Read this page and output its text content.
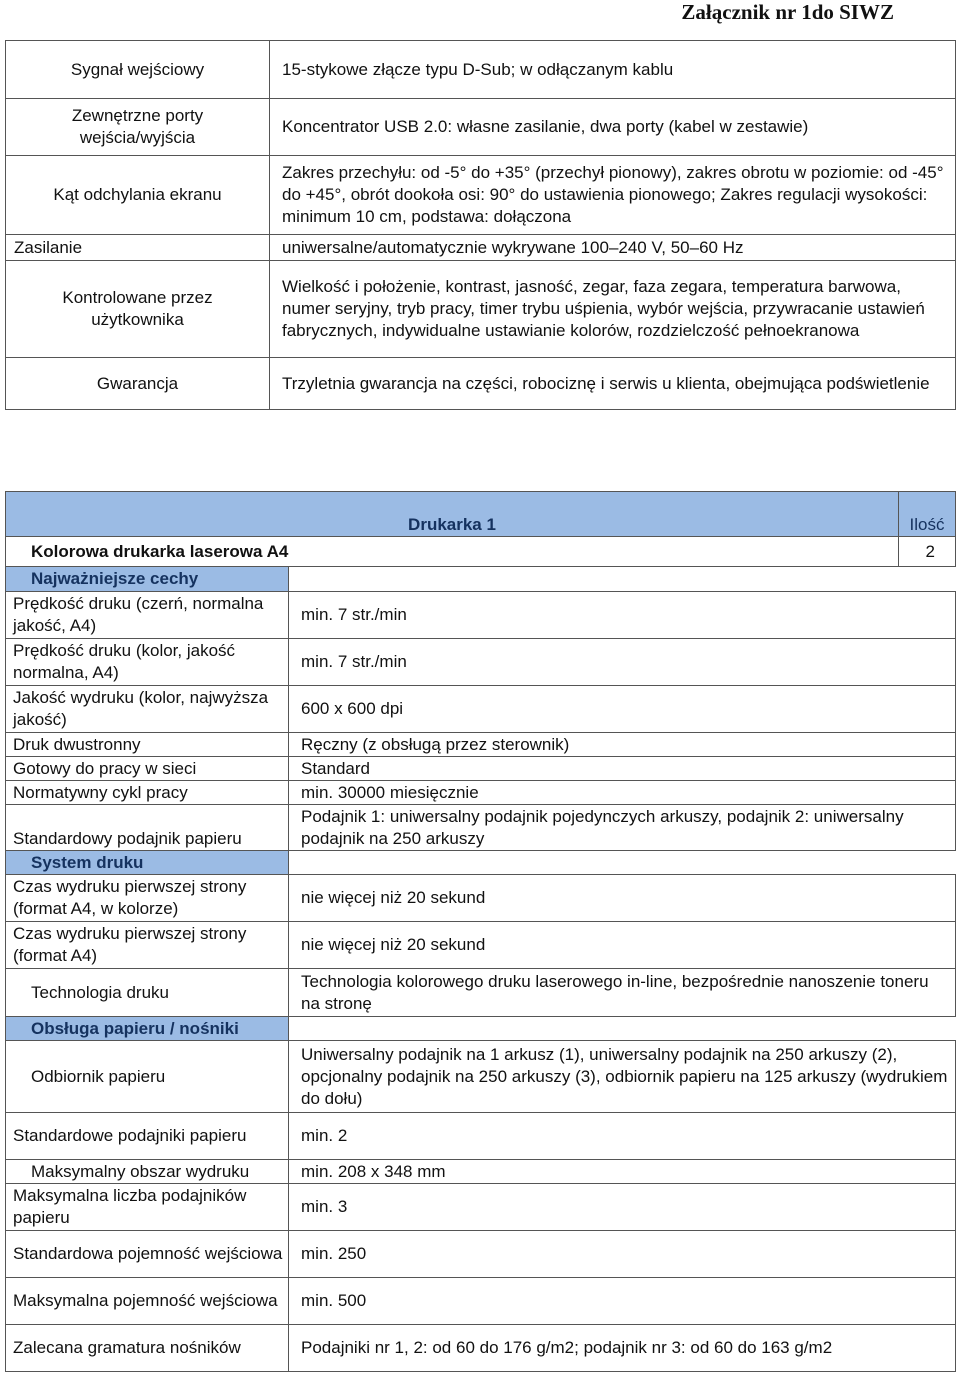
Załącznik nr 1do SIWZ
Sygnał wejściowy	15-stykowe złącze typu D-Sub; w odłączanym kablu
Zewnętrzne porty wejścia/wyjścia	Koncentrator USB 2.0: własne zasilanie, dwa porty (kabel w zestawie)
Kąt odchylania ekranu	Zakres przechyłu: od -5° do +35° (przechył pionowy), zakres obrotu w poziomie: od -45° do +45°, obrót dookoła osi: 90° do ustawienia pionowego; Zakres regulacji wysokości: minimum 10 cm, podstawa: dołączona
Zasilanie	uniwersalne/automatycznie wykrywane 100–240 V, 50–60 Hz
Kontrolowane przez użytkownika	Wielkość i położenie, kontrast, jasność, zegar, faza zegara, temperatura barwowa, numer seryjny, tryb pracy, timer trybu uśpienia, wybór wejścia, przywracanie ustawień fabrycznych, indywidualne ustawianie kolorów, rozdzielczość pełnoekranowa
Gwarancja	Trzyletnia gwarancja na części, robociznę i serwis u klienta, obejmująca podświetlenie
Drukarka 1		Ilość
Kolorowa drukarka laserowa A4		2
Najważniejsze cechy		
Prędkość druku (czerń, normalna jakość, A4)	min. 7 str./min	
Prędkość druku (kolor, jakość normalna, A4)	min. 7 str./min	
Jakość wydruku (kolor, najwyższa jakość)	600 x 600 dpi	
Druk dwustronny	Ręczny (z obsługą przez sterownik)	
Gotowy do pracy w sieci	Standard	
Normatywny cykl pracy	min. 30000 miesięcznie	
Standardowy podajnik papieru	Podajnik 1: uniwersalny podajnik pojedynczych arkuszy, podajnik 2: uniwersalny podajnik na 250 arkuszy	
System druku		
Czas wydruku pierwszej strony (format A4, w kolorze)	nie więcej niż 20 sekund	
Czas wydruku pierwszej strony (format A4)	nie więcej niż 20 sekund	
Technologia druku	Technologia kolorowego druku laserowego in-line, bezpośrednie nanoszenie toneru na stronę	
Obsługa papieru / nośniki		
Odbiornik papieru	Uniwersalny podajnik na 1 arkusz (1), uniwersalny podajnik na 250 arkuszy (2), opcjonalny podajnik na 250 arkuszy (3), odbiornik papieru na 125 arkuszy (wydrukiem do dołu)	
Standardowe podajniki papieru	min. 2	
Maksymalny obszar wydruku	min. 208 x 348 mm	
Maksymalna liczba podajników papieru	min. 3	
Standardowa pojemność wejściowa	min. 250	
Maksymalna pojemność wejściowa	min. 500	
Zalecana gramatura nośników	Podajniki nr 1, 2: od 60 do 176 g/m2; podajnik nr 3: od 60 do 163 g/m2	
